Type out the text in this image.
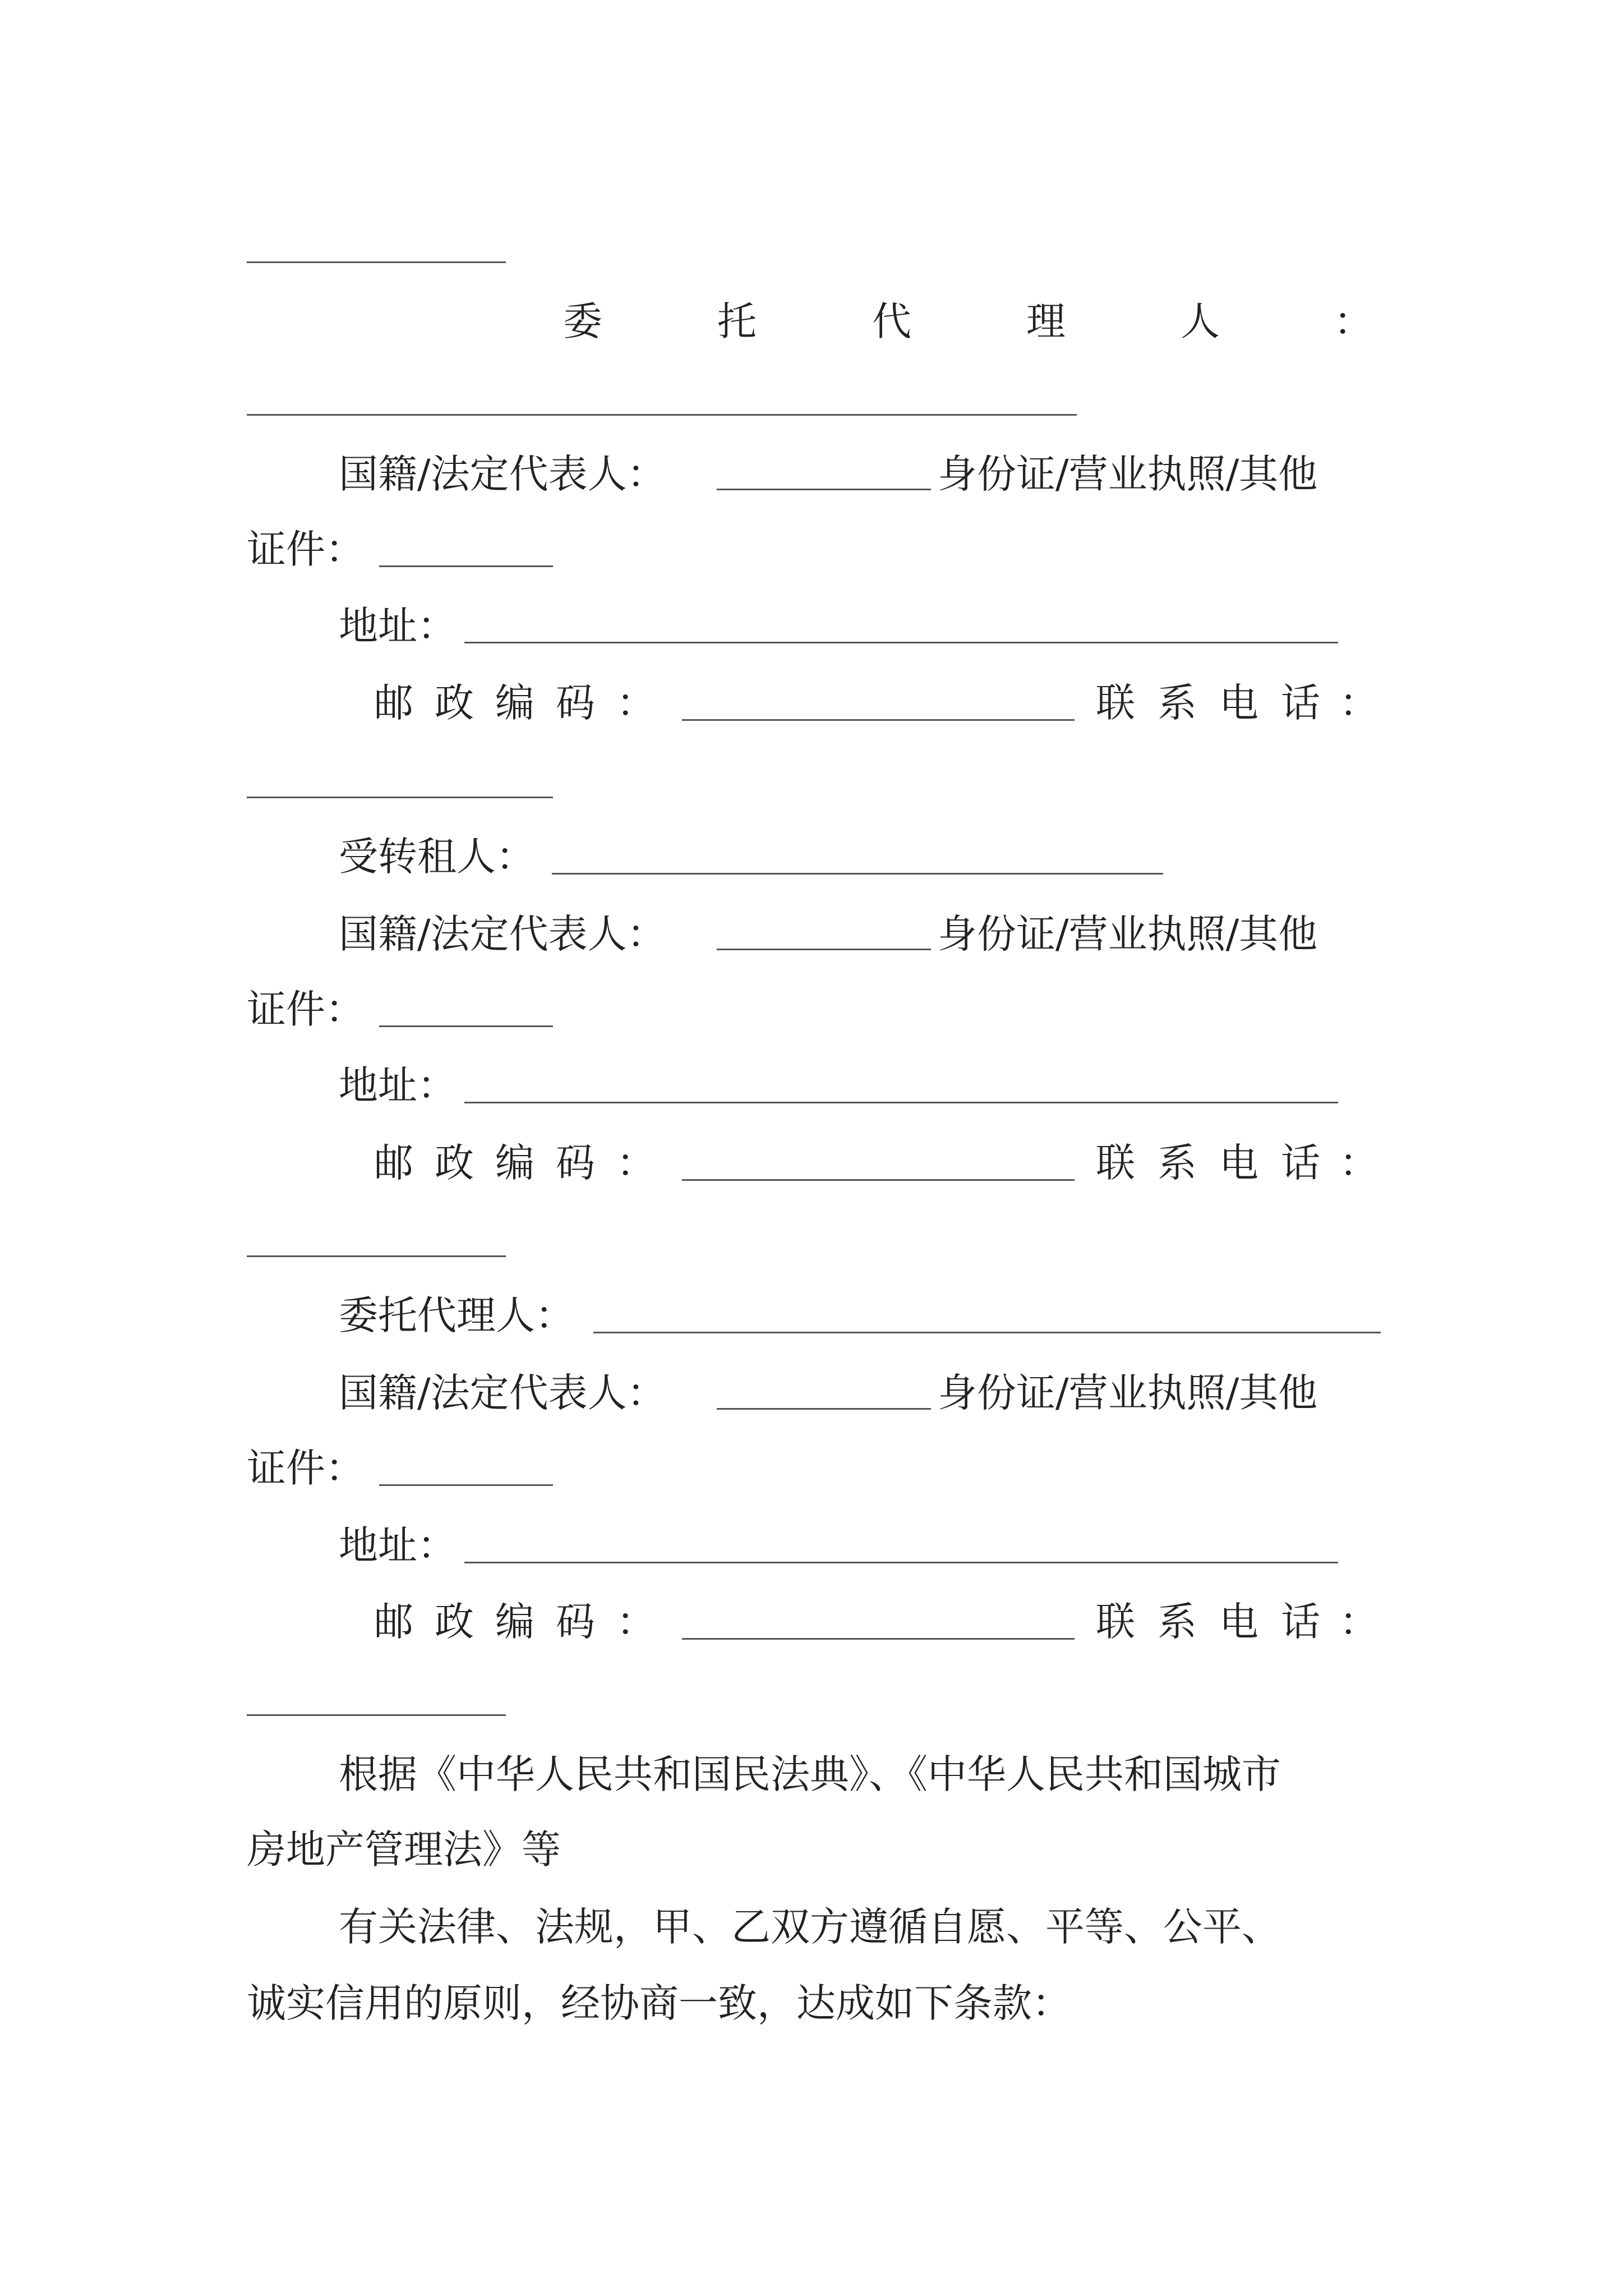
委	托	代	理	人	：
国籍/法定代表人：	身份证/营业执照/其他
证件：
地址：
邮 政 编 码 ：	联 系 电 话 ：
受转租人：
国籍/法定代表人：	身份证/营业执照/其他
证件：
地址：
邮 政 编 码 ：	联 系 电 话 ：
委托代理人：
国籍/法定代表人：	身份证/营业执照/其他
证件：
地址：
邮 政 编 码 ：	联 系 电 话 ：
根据《中华人民共和国民法典》、《中华人民共和国城市
房地产管理法》等
有关法律、法规，甲、乙双方遵循自愿、平等、公平、
诚实信用的原则，经协商一致，达成如下条款：
